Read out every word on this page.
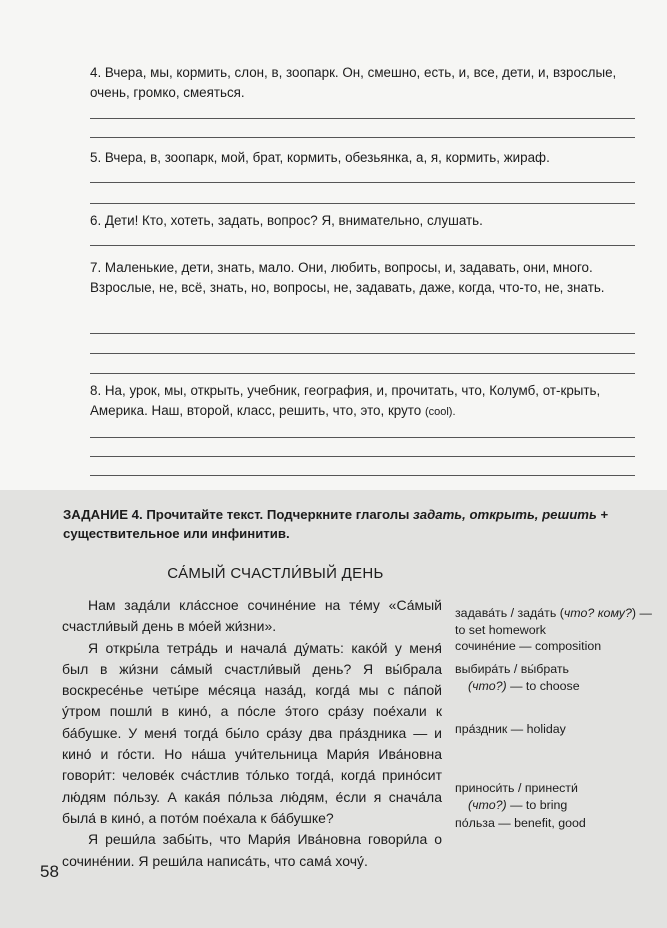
4. Вчера, мы, кормить, слон, в, зоопарк. Он, смешно, есть, и, все, дети, и, взрослые, очень, громко, смеяться.

5. Вчера, в, зоопарк, мой, брат, кормить, обезьянка, а, я, кормить, жираф.

6. Дети! Кто, хотеть, задать, вопрос? Я, внимательно, слушать.

7. Маленькие, дети, знать, мало. Они, любить, вопросы, и, задавать, они, много. Взрослые, не, всё, знать, но, вопросы, не, задавать, даже, когда, что-то, не, знать.

8. На, урок, мы, открыть, учебник, география, и, прочитать, что, Колумб, от-крыть, Америка. Наш, второй, класс, решить, что, это, круто (cool).

ЗАДАНИЕ 4. Прочитайте текст. Подчеркните глаголы задать, открыть, решить + существительное или инфинитив.
СА́МЫЙ СЧАСТЛИ́ВЫЙ ДЕНЬ

Нам зада́ли кла́ссное сочине́ние на те́му «Са́мый счастли́вый день в мо́ей жи́зни».

Я откры́ла тетра́дь и начала́ ду́мать: како́й у меня́ был в жи́зни са́мый счастли́вый день? Я вы́брала воскресе́нье четы́ре ме́сяца наза́д, когда́ мы с па́пой у́тром пошли́ в кино́, а по́сле э́того сра́зу пое́хали к ба́бушке. У меня́ тогда́ бы́ло сра́зу два пра́здника — и кино́ и го́сти. Но на́ша учи́тельница Мари́я Ива́новна говори́т: челове́к сча́стлив то́лько тогда́, когда́ прино́сит лю́дям по́льзу. А кака́я по́льза лю́дям, е́сли я снача́ла была́ в кино́, а пото́м пое́хала к ба́бушке?

Я реши́ла забы́ть, что Мари́я Ива́новна говори́ла о сочине́нии. Я реши́ла написа́ть, что сама́ хочу́.

задава́ть / зада́ть (что? кому?) — to set homework
сочине́ние — composition
выбира́ть / вы́брать
(что?) — to choose
пра́здник — holiday
приноси́ть / принести́
(что?) — to bring
по́льза — benefit, good
58
